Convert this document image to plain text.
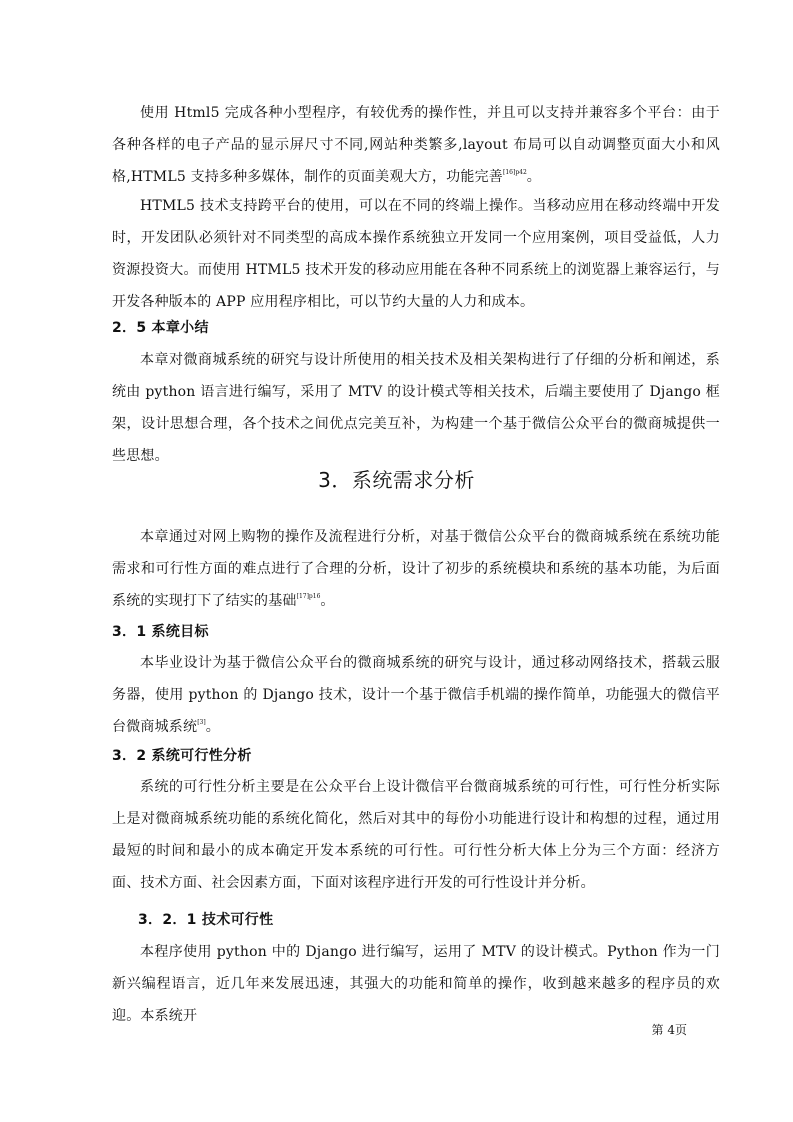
使用 Html5 完成各种小型程序，有较优秀的操作性，并且可以支持并兼容多个平台：由于各种各样的电子产品的显示屏尺寸不同,网站种类繁多,layout 布局可以自动调整页面大小和风格,HTML5 支持多种多媒体，制作的页面美观大方，功能完善$^{[16]p42}$。

HTML5 技术支持跨平台的使用，可以在不同的终端上操作。当移动应用在移动终端中开发时，开发团队必须针对不同类型的高成本操作系统独立开发同一个应用案例，项目受益低，人力资源投资大。而使用 HTML5 技术开发的移动应用能在各种不同系统上的浏览器上兼容运行，与开发各种版本的 APP 应用程序相比，可以节约大量的人力和成本。

2．5 本章小结

本章对微商城系统的研究与设计所使用的相关技术及相关架构进行了仔细的分析和阐述，系统由 python 语言进行编写，采用了 MTV 的设计模式等相关技术，后端主要使用了 Django 框架，设计思想合理，各个技术之间优点完美互补，为构建一个基于微信公众平台的微商城提供一些思想。

3．系统需求分析

本章通过对网上购物的操作及流程进行分析，对基于微信公众平台的微商城系统在系统功能需求和可行性方面的难点进行了合理的分析，设计了初步的系统模块和系统的基本功能，为后面系统的实现打下了结实的基础$^{[17]p16}$。

3．1 系统目标

本毕业设计为基于微信公众平台的微商城系统的研究与设计，通过移动网络技术，搭载云服务器，使用 python 的 Django 技术，设计一个基于微信手机端的操作简单，功能强大的微信平台微商城系统[3]。

3．2 系统可行性分析

系统的可行性分析主要是在公众平台上设计微信平台微商城系统的可行性，可行性分析实际上是对微商城系统功能的系统化简化，然后对其中的每份小功能进行设计和构想的过程，通过用最短的时间和最小的成本确定开发本系统的可行性。可行性分析大体上分为三个方面：经济方面、技术方面、社会因素方面，下面对该程序进行开发的可行性设计并分析。

3．2．1 技术可行性

本程序使用 python 中的 Django 进行编写，运用了 MTV 的设计模式。Python 作为一门新兴编程语言，近几年来发展迅速，其强大的功能和简单的操作，收到越来越多的程序员的欢迎。本系统开

第 4页
